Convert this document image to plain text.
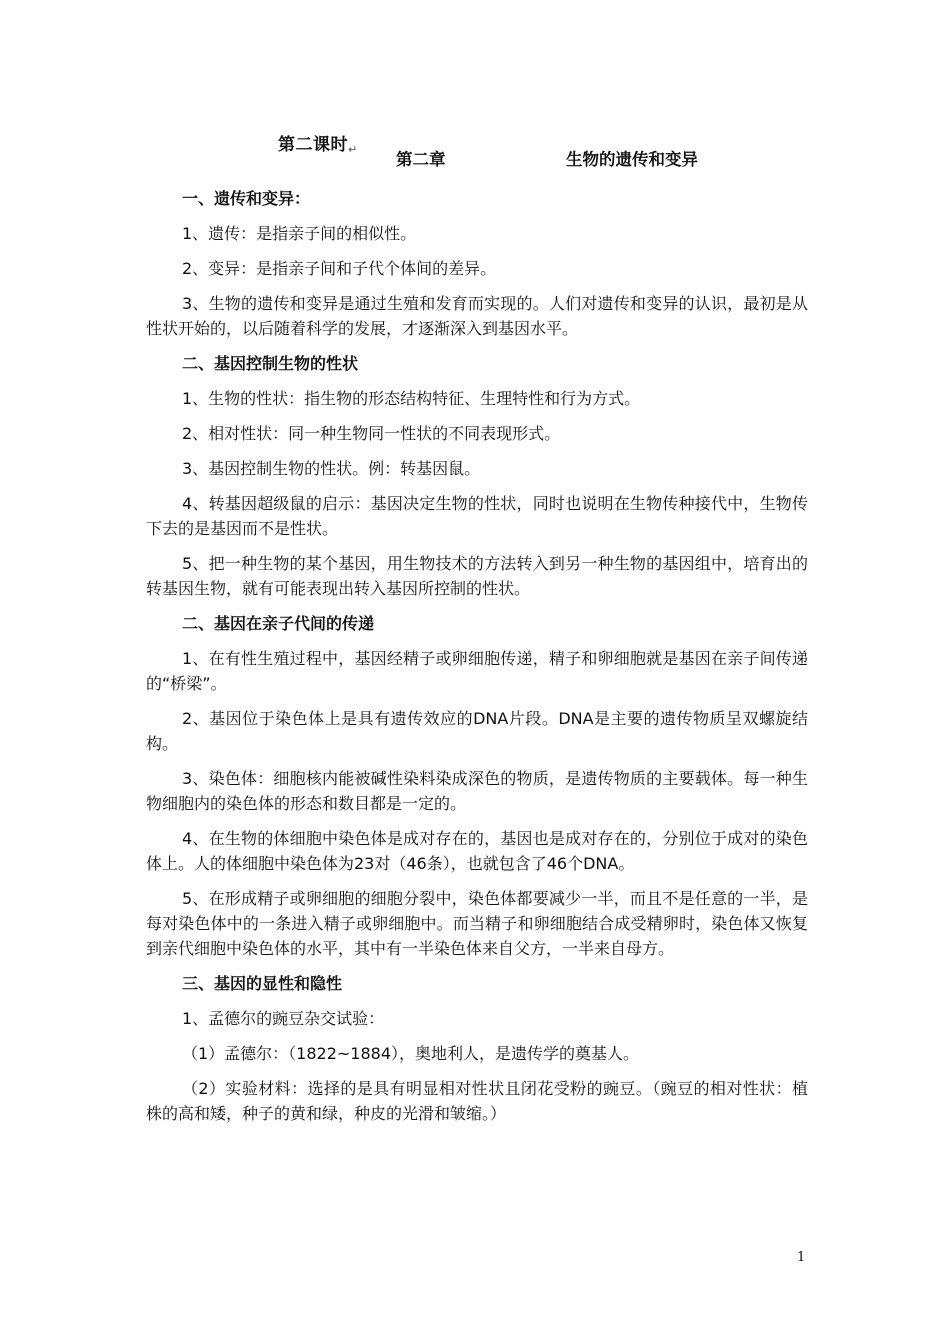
第二课时↵
第二章	生物的遗传和变异

一、遗传和变异：

1、遗传：是指亲子间的相似性。

2、变异：是指亲子间和子代个体间的差异。

3、生物的遗传和变异是通过生殖和发育而实现的。人们对遗传和变异的认识，最初是从性状开始的，以后随着科学的发展，才逐渐深入到基因水平。

二、基因控制生物的性状

1、生物的性状：指生物的形态结构特征、生理特性和行为方式。

2、相对性状：同一种生物同一性状的不同表现形式。

3、基因控制生物的性状。例：转基因鼠。

4、转基因超级鼠的启示：基因决定生物的性状，同时也说明在生物传种接代中，生物传下去的是基因而不是性状。

5、把一种生物的某个基因，用生物技术的方法转入到另一种生物的基因组中，培育出的转基因生物，就有可能表现出转入基因所控制的性状。

二、基因在亲子代间的传递

1、在有性生殖过程中，基因经精子或卵细胞传递，精子和卵细胞就是基因在亲子间传递的“桥梁”。

2、基因位于染色体上是具有遗传效应的DNA片段。DNA是主要的遗传物质呈双螺旋结构。

3、染色体：细胞核内能被碱性染料染成深色的物质，是遗传物质的主要载体。每一种生物细胞内的染色体的形态和数目都是一定的。

4、在生物的体细胞中染色体是成对存在的，基因也是成对存在的，分别位于成对的染色体上。人的体细胞中染色体为23对（46条），也就包含了46个DNA。

5、在形成精子或卵细胞的细胞分裂中，染色体都要减少一半，而且不是任意的一半，是每对染色体中的一条进入精子或卵细胞中。而当精子和卵细胞结合成受精卵时，染色体又恢复到亲代细胞中染色体的水平，其中有一半染色体来自父方，一半来自母方。

三、基因的显性和隐性

1、孟德尔的豌豆杂交试验：

（1）孟德尔：（1822~1884），奥地利人，是遗传学的奠基人。

（2）实验材料：选择的是具有明显相对性状且闭花受粉的豌豆。（豌豆的相对性状：植株的高和矮，种子的黄和绿，种皮的光滑和皱缩。）

1
